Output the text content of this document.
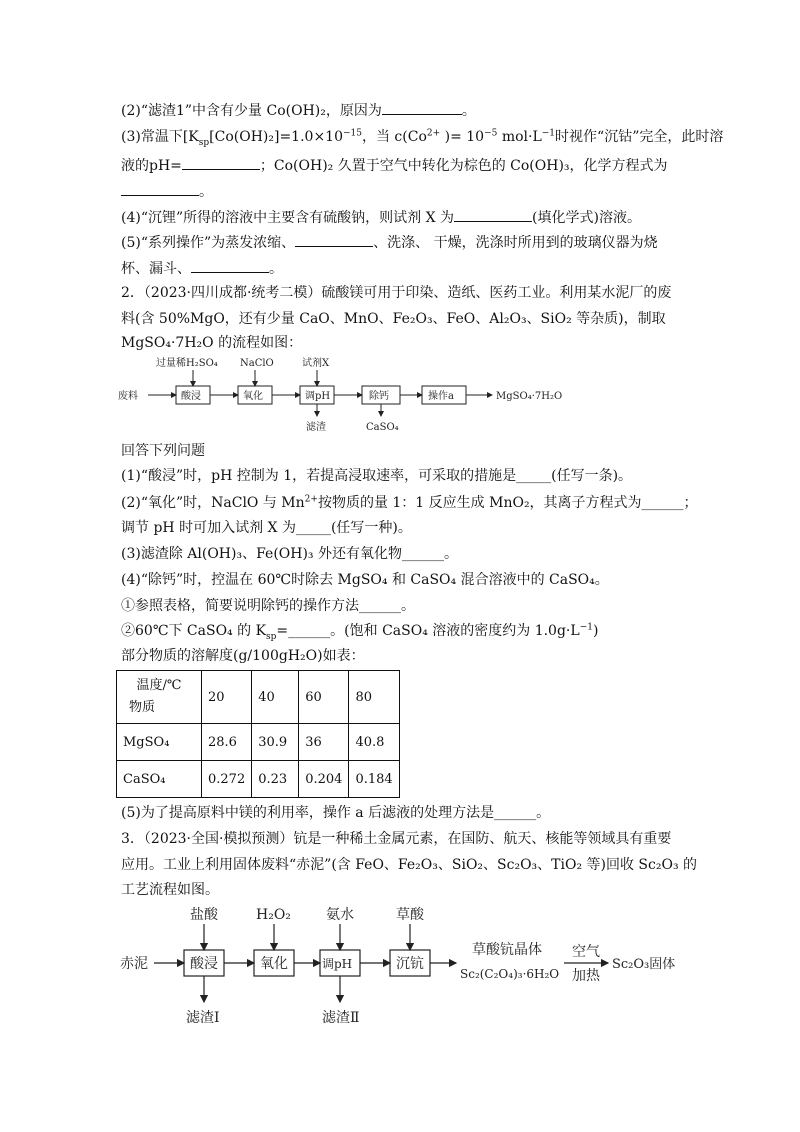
(2)“滤渣1”中含有少量 Co(OH)₂，原因为	。
(3)常温下[$K_{sp}[Co(OH)_2]=1.0\times 10^{-15}$，当 $c(Co^{2+}$ )= $10^{-5}$ $mol\cdot L^{-1}$时视作“沉钴”完全，此时溶
液的pH=	；Co(OH)₂ 久置于空气中转化为棕色的 Co(OH)₃，化学方程式为
。
(4)“沉锂”所得的溶液中主要含有硫酸钠，则试剂 X 为	(填化学式)溶液。
(5)“系列操作”为蒸发浓缩、	、洗涤、 干燥，洗涤时所用到的玻璃仪器为烧
杯、漏斗、	。
2．（2023·四川成都·统考二模）硫酸镁可用于印染、造纸、医药工业。利用某水泥厂的废
料(含 50%MgO，还有少量 CaO、MnO、Fe₂O₃、FeO、Al₂O₃、SiO₂ 等杂质)，制取
MgSO₄·7H₂O 的流程如图：
废料
过量稀H₂SO₄ NaClO	试剂X
酸浸	氧化	调pH	除钙	操作a	MgSO₄·7H₂O
滤渣	CaSO₄
回答下列问题
(1)“酸浸”时，pH 控制为 1，若提高浸取速率，可采取的措施是_____(任写一条)。
(2)“氧化”时，NaClO 与 $Mn^{2+}$按物质的量 1：1 反应生成 MnO₂，其离子方程式为______；
调节 pH 时可加入试剂 X 为_____(任写一种)。
(3)滤渣除 Al(OH)₃、Fe(OH)₃ 外还有氧化物______。
(4)“除钙”时，控温在 60℃时除去 MgSO₄ 和 CaSO₄ 混合溶液中的 CaSO₄。
①参照表格，简要说明除钙的操作方法______。
②60℃下 CaSO₄ 的 $K_{sp}=\_\_\_\_\_\_$。(饱和 CaSO₄ 溶液的密度约为 $1.0g\cdot L^{-1}$)
部分物质的溶解度(g/100gH₂O)如表：
温度/℃
物质	20	40	60	80
MgSO₄	28.6	30.9	36	40.8
CaSO₄	0.272	0.23	0.204	0.184
(5)为了提高原料中镁的利用率，操作 a 后滤液的处理方法是______。
3．（2023·全国·模拟预测）钪是一种稀土金属元素，在国防、航天、核能等领域具有重要
应用。工业上利用固体废料“赤泥”(含 FeO、Fe₂O₃、SiO₂、Sc₂O₃、TiO₂ 等)回收 Sc₂O₃ 的
工艺流程如图。
赤泥
盐酸	H₂O₂	氨水	草酸
酸浸	氧化	调pH	沉钪
草酸钪晶体
Sc₂(C₂O₄)₃·6H₂O
空气
加热
Sc₂O₃固体
滤渣Ⅰ	滤渣Ⅱ
